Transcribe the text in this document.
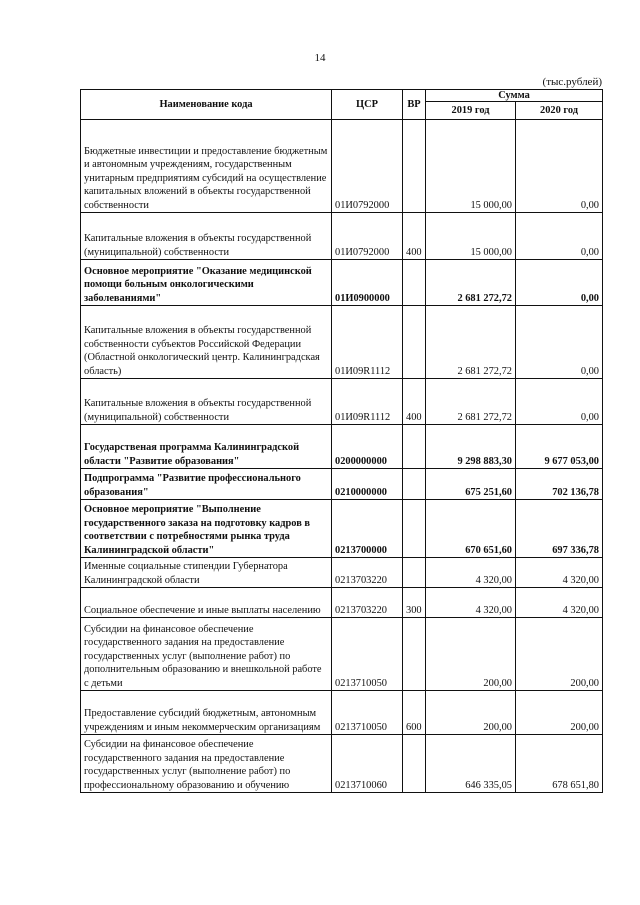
14
(тыс.рублей)
Наименование кода	ЦСР	ВР	Сумма	
			2019 год	2020 год
Бюджетные инвестиции и предоставление бюджетным и автономным учреждениям, государственным унитарным предприятиям субсидий на осуществление капитальных вложений в объекты государственной собственности	01И0792000		15 000,00	0,00
Капитальные вложения в объекты государственной (муниципальной) собственности	01И0792000	400	15 000,00	0,00
Основное мероприятие "Оказание медицинской помощи больным онкологическими заболеваниями"	01И0900000		2 681 272,72	0,00
Капитальные вложения в объекты государственной собственности субъектов Российской Федерации (Областной онкологический центр. Калининградская область)	01И09R1112		2 681 272,72	0,00
Капитальные вложения в объекты государственной (муниципальной) собственности	01И09R1112	400	2 681 272,72	0,00
Государственая программа Калининградской области "Развитие образования"	0200000000		9 298 883,30	9 677 053,00
Подпрограмма "Развитие профессионального образования"	0210000000		675 251,60	702 136,78
Основное мероприятие "Выполнение государственного заказа на подготовку кадров в соответствии с потребностями рынка труда Калининградской области"	0213700000		670 651,60	697 336,78
Именные социальные стипендии Губернатора Калининградской области	0213703220		4 320,00	4 320,00
Социальное обеспечение и иные выплаты населению	0213703220	300	4 320,00	4 320,00
Субсидии на финансовое обеспечение государственного задания на предоставление государственных услуг (выполнение работ) по дополнительным образованию и внешкольной работе с детьми	0213710050		200,00	200,00
Предоставление субсидий бюджетным, автономным учреждениям и иным некоммерческим организациям	0213710050	600	200,00	200,00
Субсидии на финансовое обеспечение государственного задания на предоставление государственных услуг (выполнение работ) по профессиональному образованию и обучению	0213710060		646 335,05	678 651,80
